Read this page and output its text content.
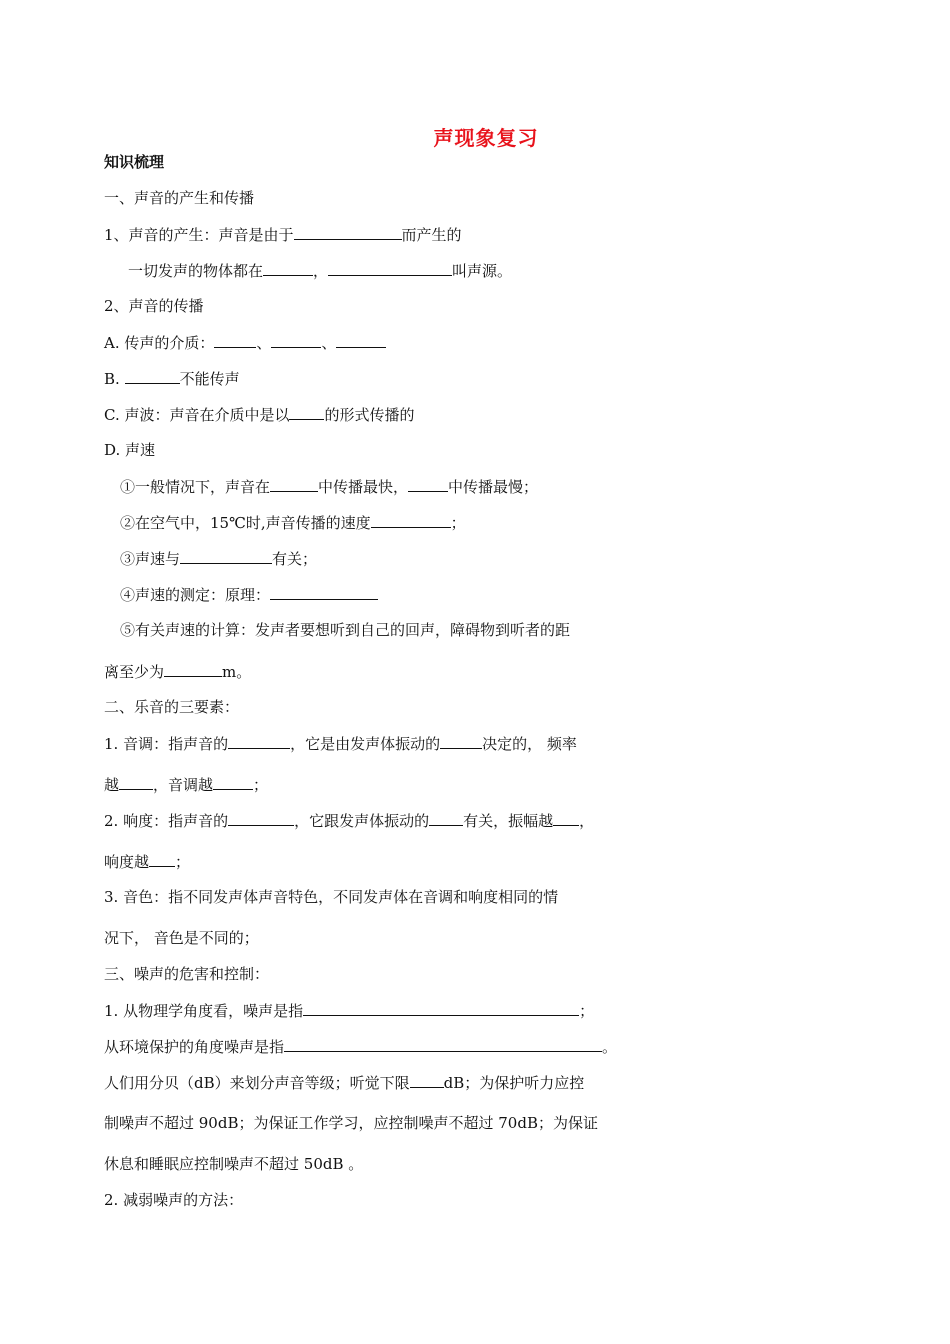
声现象复习
知识梳理
一、声音的产生和传播
1、声音的产生：声音是由于	而产生的
一切发声的物体都在	，	叫声源。
2、声音的传播
A. 传声的介质：	、	、
B.	不能传声
C. 声波：声音在介质中是以 的形式传播的
D. 声速
①一般情况下，声音在	中传播最快，	中传播最慢；
②在空气中，15℃时,声音传播的速度	；
③声速与	有关；
④声速的测定：原理：
⑤有关声速的计算：发声者要想听到自己的回声，障碍物到听者的距
离至少为	m。
二、乐音的三要素：
1. 音调：指声音的	，它是由发声体振动的	决定的， 频率
越 ，音调越	；
2. 响度：指声音的	，它跟发声体振动的 有关，振幅越 ，
响度越 ；
3. 音色：指不同发声体声音特色，不同发声体在音调和响度相同的情
况下， 音色是不同的；
三、噪声的危害和控制：
1. 从物理学角度看，噪声是指	；
从环境保护的角度噪声是指	。
人们用分贝（dB）来划分声音等级；听觉下限 dB；为保护听力应控
制噪声不超过 90dB；为保证工作学习，应控制噪声不超过 70dB；为保证
休息和睡眠应控制噪声不超过 50dB 。
2. 减弱噪声的方法：
